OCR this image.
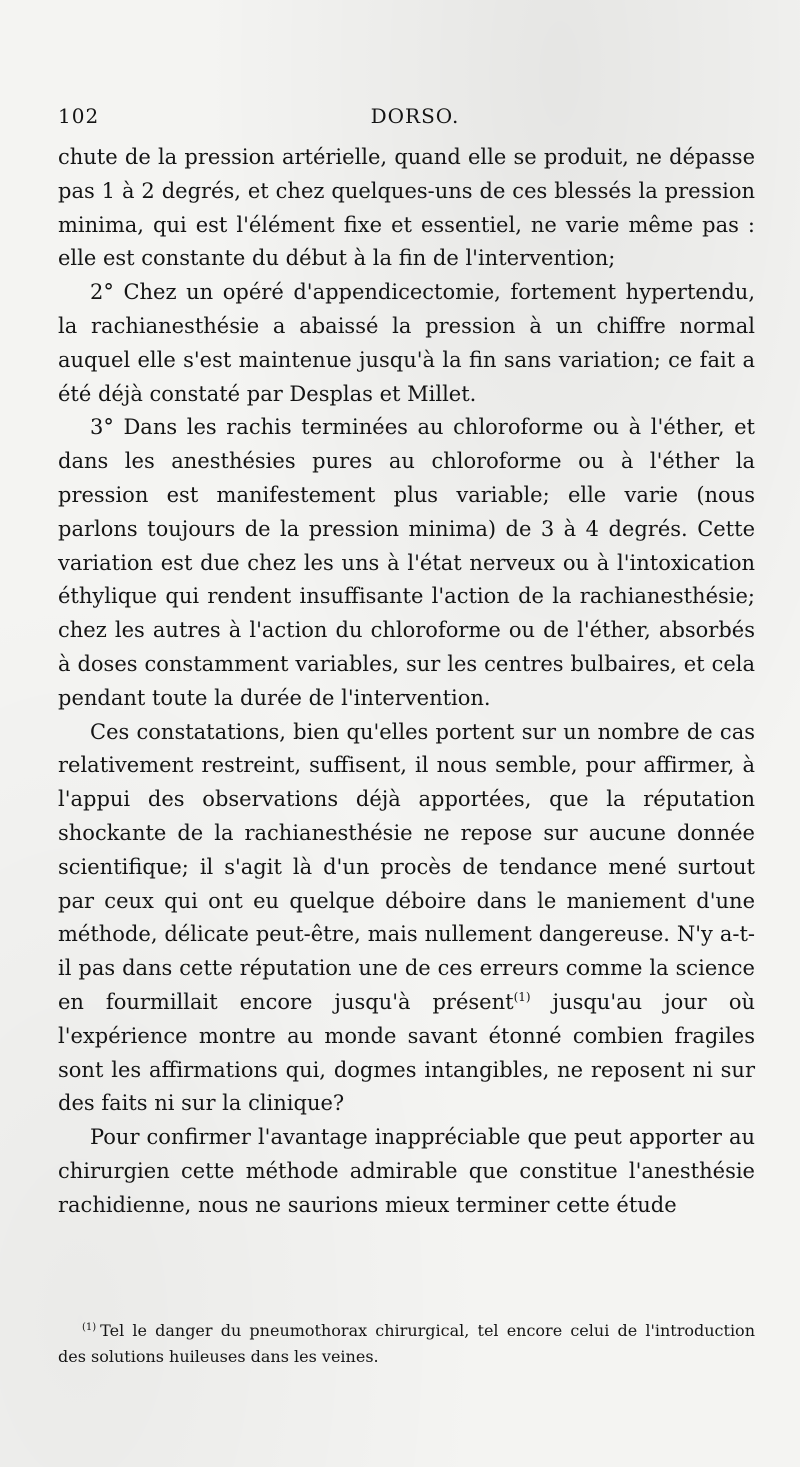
102	DORSO.

chute de la pression artérielle, quand elle se produit, ne dépasse pas 1 à 2 degrés, et chez quelques-uns de ces blessés la pression minima, qui est l'élément fixe et essentiel, ne varie même pas : elle est constante du début à la fin de l'intervention;

2° Chez un opéré d'appendicectomie, fortement hypertendu, la rachianesthésie a abaissé la pression à un chiffre normal auquel elle s'est maintenue jusqu'à la fin sans variation; ce fait a été déjà constaté par Desplas et Millet.

3° Dans les rachis terminées au chloroforme ou à l'éther, et dans les anesthésies pures au chloroforme ou à l'éther la pression est manifestement plus variable; elle varie (nous parlons toujours de la pression minima) de 3 à 4 degrés. Cette variation est due chez les uns à l'état nerveux ou à l'intoxication éthylique qui rendent insuffisante l'action de la rachianesthésie; chez les autres à l'action du chloroforme ou de l'éther, absorbés à doses constamment variables, sur les centres bulbaires, et cela pendant toute la durée de l'intervention.

Ces constatations, bien qu'elles portent sur un nombre de cas relativement restreint, suffisent, il nous semble, pour affirmer, à l'appui des observations déjà apportées, que la réputation shockante de la rachianesthésie ne repose sur aucune donnée scientifique; il s'agit là d'un procès de tendance mené surtout par ceux qui ont eu quelque déboire dans le maniement d'une méthode, délicate peut-être, mais nullement dangereuse. N'y a-t-il pas dans cette réputation une de ces erreurs comme la science en fourmillait encore jusqu'à présent$^{(1)}$ jusqu'au jour où l'expérience montre au monde savant étonné combien fragiles sont les affirmations qui, dogmes intangibles, ne reposent ni sur des faits ni sur la clinique?

Pour confirmer l'avantage inappréciable que peut apporter au chirurgien cette méthode admirable que constitue l'anesthésie rachidienne, nous ne saurions mieux terminer cette étude

$^{(1)}$ Tel le danger du pneumothorax chirurgical, tel encore celui de l'introduction des solutions huileuses dans les veines.
